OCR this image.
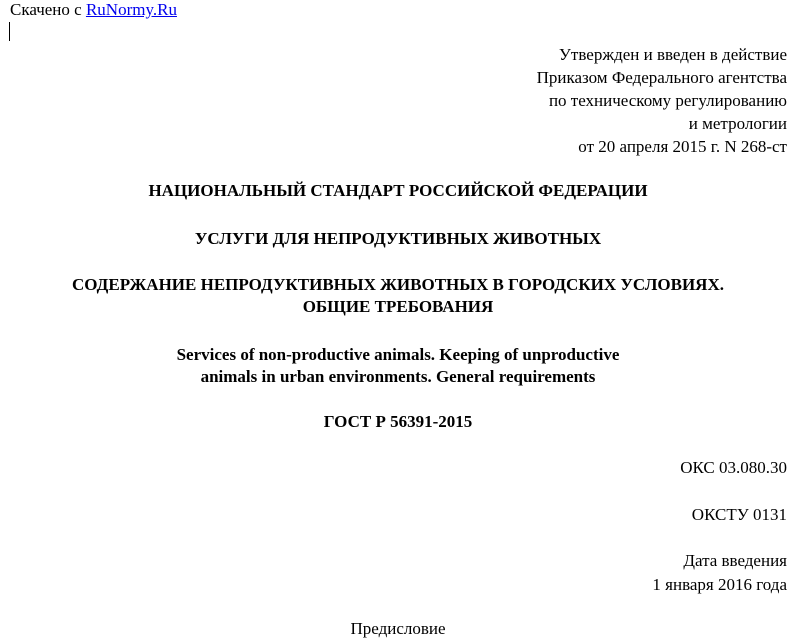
Скачено с RuNormy.Ru
Утвержден и введен в действие
Приказом Федерального агентства
по техническому регулированию
и метрологии
от 20 апреля 2015 г. N 268-ст
НАЦИОНАЛЬНЫЙ СТАНДАРТ РОССИЙСКОЙ ФЕДЕРАЦИИ
УСЛУГИ ДЛЯ НЕПРОДУКТИВНЫХ ЖИВОТНЫХ
СОДЕРЖАНИЕ НЕПРОДУКТИВНЫХ ЖИВОТНЫХ В ГОРОДСКИХ УСЛОВИЯХ.
ОБЩИЕ ТРЕБОВАНИЯ
Services of non-productive animals. Keeping of unproductive
animals in urban environments. General requirements
ГОСТ Р 56391-2015
ОКС 03.080.30
ОКСТУ 0131
Дата введения
1 января 2016 года
Предисловие
